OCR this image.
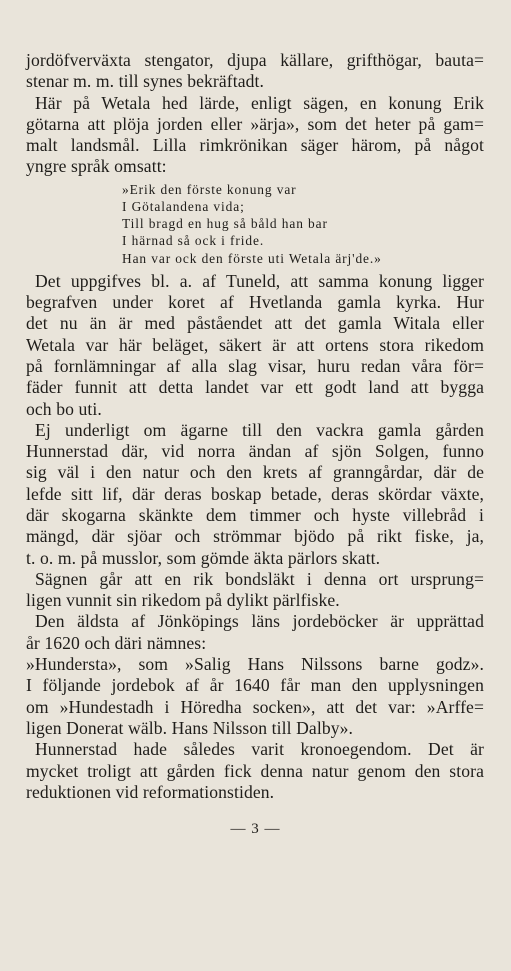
jordöfverväxta stengator, djupa källare, grifthögar, bauta=
stenar m. m. till synes bekräftadt.
Här på Wetala hed lärde, enligt sägen, en konung Erik
götarna att plöja jorden eller »ärja», som det heter på gam=
malt landsmål. Lilla rimkrönikan säger härom, på något
yngre språk omsatt:
»Erik den förste konung var
I Götalandena vida;
Till bragd en hug så båld han bar
I härnad så ock i fride.
Han var ock den förste uti Wetala ärj'de.»
Det uppgifves bl. a. af Tuneld, att samma konung ligger
begrafven under koret af Hvetlanda gamla kyrka. Hur
det nu än är med påståendet att det gamla Witala eller
Wetala var här beläget, säkert är att ortens stora rikedom
på fornlämningar af alla slag visar, huru redan våra för=
fäder funnit att detta landet var ett godt land att bygga
och bo uti.
Ej underligt om ägarne till den vackra gamla gården
Hunnerstad där, vid norra ändan af sjön Solgen, funno
sig väl i den natur och den krets af granngårdar, där de
lefde sitt lif, där deras boskap betade, deras skördar växte,
där skogarna skänkte dem timmer och hyste villebråd i
mängd, där sjöar och strömmar bjödo på rikt fiske, ja,
t. o. m. på musslor, som gömde äkta pärlors skatt.
Sägnen går att en rik bondsläkt i denna ort ursprung=
ligen vunnit sin rikedom på dylikt pärlfiske.
Den äldsta af Jönköpings läns jordeböcker är upprättad
år 1620 och däri nämnes:
»Hundersta», som »Salig Hans Nilssons barne godz».
I följande jordebok af år 1640 får man den upplysningen
om »Hundestadh i Höredha socken», att det var: »Arffe=
ligen Donerat wälb. Hans Nilsson till Dalby».
Hunnerstad hade således varit kronoegendom. Det är
mycket troligt att gården fick denna natur genom den stora
reduktionen vid reformationstiden.
— 3 —
